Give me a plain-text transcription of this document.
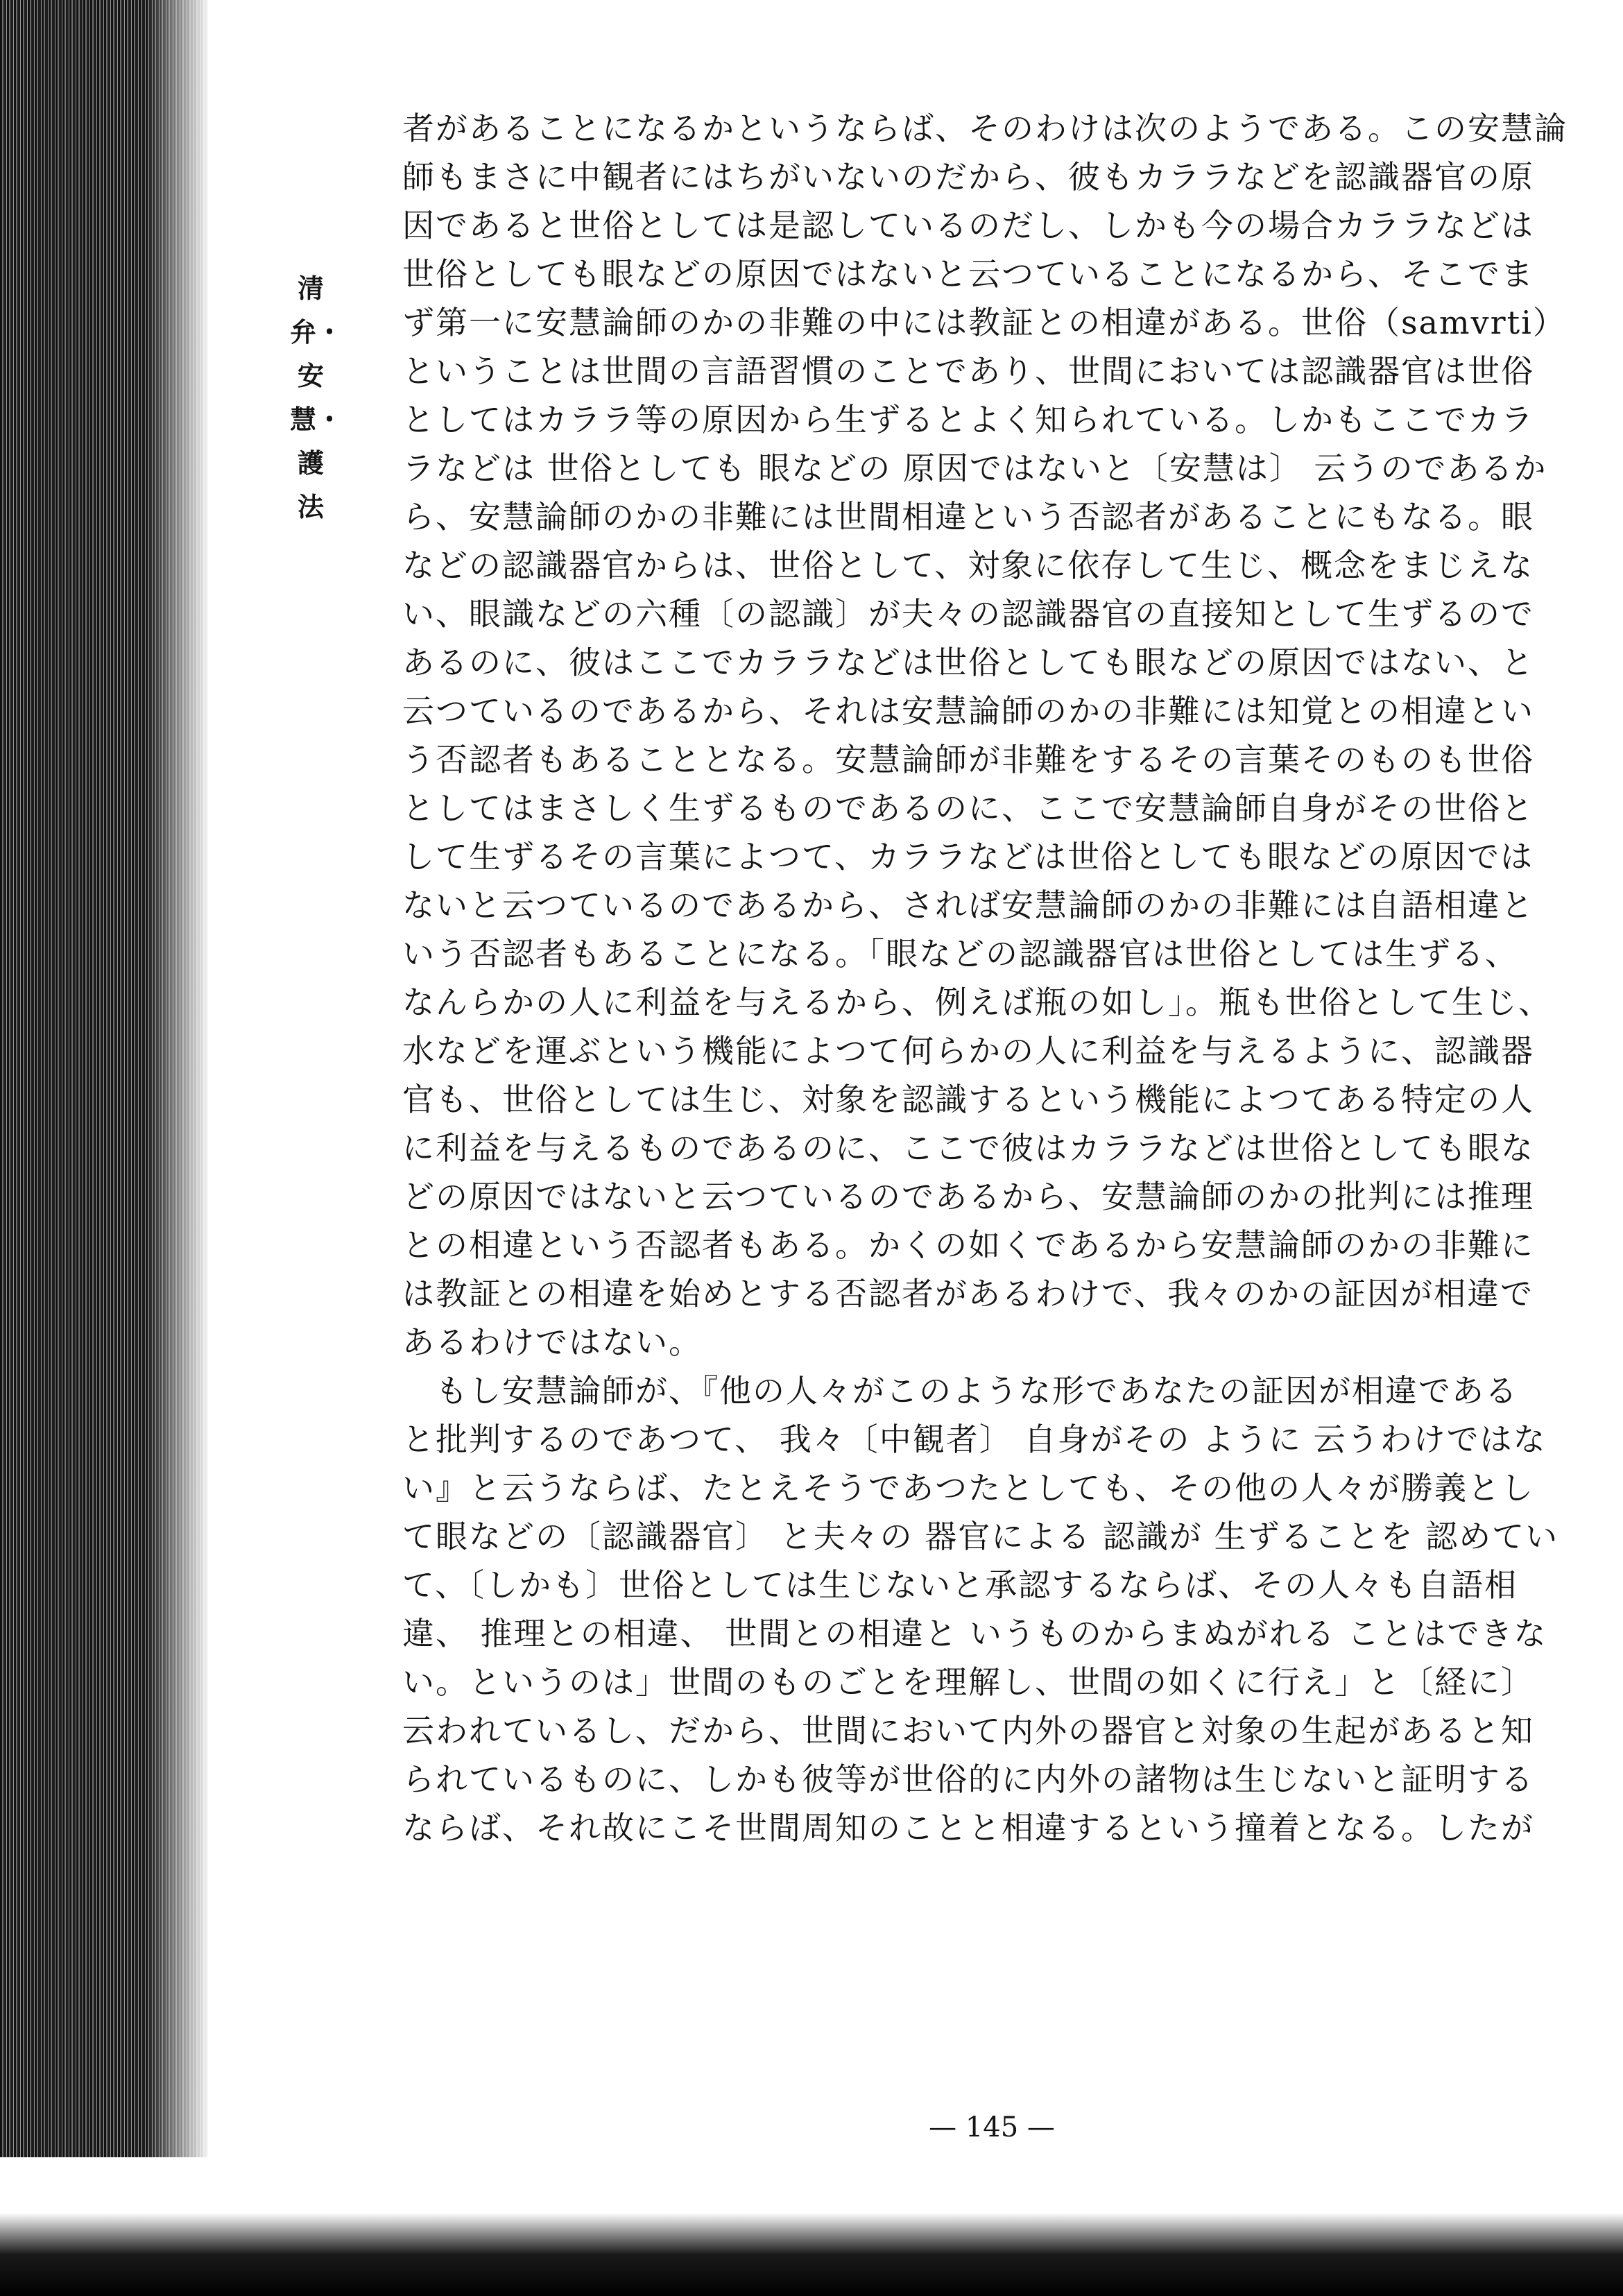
清弁・安慧・護法

者があることになるかというならば、そのわけは次のようである。この安慧論
師もまさに中観者にはちがいないのだから、彼もカララなどを認識器官の原
因であると世俗としては是認しているのだし、しかも今の場合カララなどは
世俗としても眼などの原因ではないと云つていることになるから、そこでま
ず第一に安慧論師のかの非難の中には教証との相違がある。世俗（samvrti）
ということは世間の言語習慣のことであり、世間においては認識器官は世俗
としてはカララ等の原因から生ずるとよく知られている。しかもここでカラ
ラなどは 世俗としても 眼などの 原因ではないと〔安慧は〕 云うのであるか
ら、安慧論師のかの非難には世間相違という否認者があることにもなる。眼
などの認識器官からは、世俗として、対象に依存して生じ、概念をまじえな
い、眼識などの六種〔の認識〕が夫々の認識器官の直接知として生ずるので
あるのに、彼はここでカララなどは世俗としても眼などの原因ではない、と
云つているのであるから、それは安慧論師のかの非難には知覚との相違とい
う否認者もあることとなる。安慧論師が非難をするその言葉そのものも世俗
としてはまさしく生ずるものであるのに、ここで安慧論師自身がその世俗と
して生ずるその言葉によつて、カララなどは世俗としても眼などの原因では
ないと云つているのであるから、されば安慧論師のかの非難には自語相違と
いう否認者もあることになる。「眼などの認識器官は世俗としては生ずる、
なんらかの人に利益を与えるから、例えば瓶の如し」。瓶も世俗として生じ、
水などを運ぶという機能によつて何らかの人に利益を与えるように、認識器
官も、世俗としては生じ、対象を認識するという機能によつてある特定の人
に利益を与えるものであるのに、ここで彼はカララなどは世俗としても眼な
どの原因ではないと云つているのであるから、安慧論師のかの批判には推理
との相違という否認者もある。かくの如くであるから安慧論師のかの非難に
は教証との相違を始めとする否認者があるわけで、我々のかの証因が相違で
あるわけではない。

もし安慧論師が、『他の人々がこのような形であなたの証因が相違である
と批判するのであつて、 我々〔中観者〕 自身がその ように 云うわけではな
い』と云うならば、たとえそうであつたとしても、その他の人々が勝義とし
て眼などの〔認識器官〕 と夫々の 器官による 認識が 生ずることを 認めてい
て、〔しかも〕世俗としては生じないと承認するならば、その人々も自語相
違、 推理との相違、 世間との相違と いうものからまぬがれる ことはできな
い。というのは」世間のものごとを理解し、世間の如くに行え」と〔経に〕
云われているし、だから、世間において内外の器官と対象の生起があると知
られているものに、しかも彼等が世俗的に内外の諸物は生じないと証明する
ならば、それ故にこそ世間周知のことと相違するという撞着となる。したが

— 145 —
